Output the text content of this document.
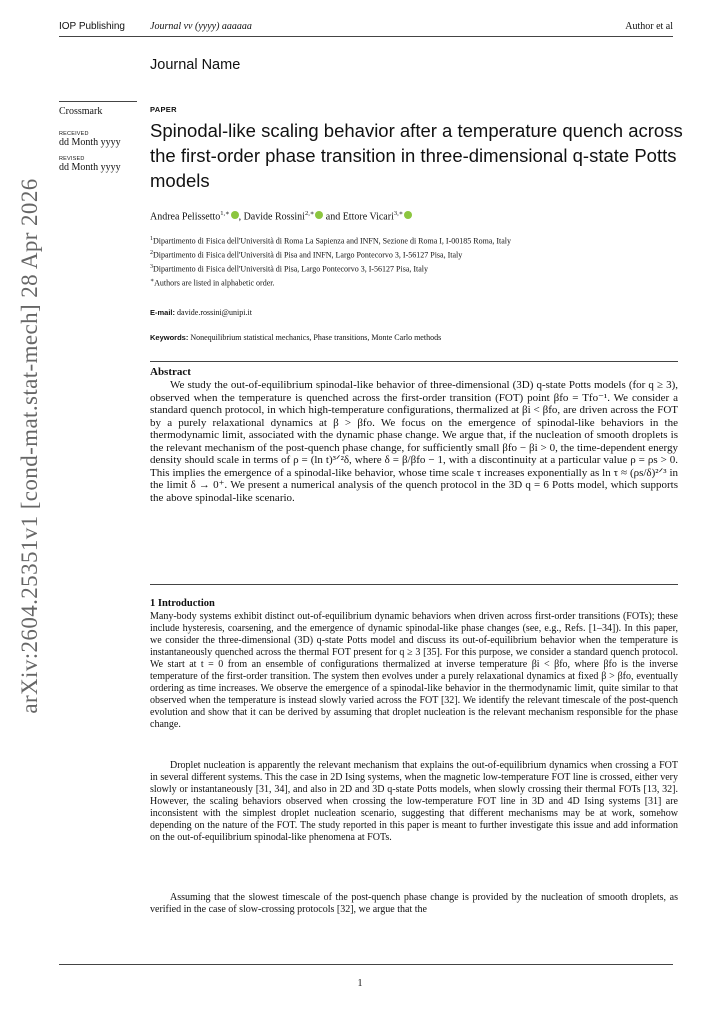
IOP Publishing	Journal vv (yyyy) aaaaaa	Author et al
Journal Name
Crossmark
RECEIVED
dd Month yyyy
REVISED
dd Month yyyy
arXiv:2604.25351v1 [cond-mat.stat-mech] 28 Apr 2026
PAPER
Spinodal-like scaling behavior after a temperature quench across the first-order phase transition in three-dimensional q-state Potts models
Andrea Pelissetto$^{1,∗}$ , Davide Rossini$^{2,∗}$ and Ettore Vicari$^{3,∗}$
$^1$Dipartimento di Fisica dell'Università di Roma La Sapienza and INFN, Sezione di Roma I, I-00185 Roma, Italy
$^2$Dipartimento di Fisica dell'Università di Pisa and INFN, Largo Pontecorvo 3, I-56127 Pisa, Italy
$^3$Dipartimento di Fisica dell'Università di Pisa, Largo Pontecorvo 3, I-56127 Pisa, Italy
∗Authors are listed in alphabetic order.
E-mail: davide.rossini@unipi.it
Keywords: Nonequilibrium statistical mechanics, Phase transitions, Monte Carlo methods
Abstract
We study the out-of-equilibrium spinodal-like behavior of three-dimensional (3D) q-state Potts models (for q ≥ 3), observed when the temperature is quenched across the first-order transition (FOT) point βfo = Tfo⁻¹. We consider a standard quench protocol, in which high-temperature configurations, thermalized at βi < βfo, are driven across the FOT by a purely relaxational dynamics at β > βfo. We focus on the emergence of spinodal-like behaviors in the thermodynamic limit, associated with the dynamic phase change. We argue that, if the nucleation of smooth droplets is the relevant mechanism of the post-quench phase change, for sufficiently small βfo − βi > 0, the time-dependent energy density should scale in terms of ρ = (ln t)³ᐟ²δ, where δ = β/βfo − 1, with a discontinuity at a particular value ρ = ρs > 0. This implies the emergence of a spinodal-like behavior, whose time scale τ increases exponentially as ln τ ≈ (ρs/δ)²ᐟ³ in the limit δ → 0⁺. We present a numerical analysis of the quench protocol in the 3D q = 6 Potts model, which supports the above spinodal-like scenario.
1 Introduction
Many-body systems exhibit distinct out-of-equilibrium dynamic behaviors when driven across first-order transitions (FOTs); these include hysteresis, coarsening, and the emergence of dynamic spinodal-like phase changes (see, e.g., Refs. [1–34]). In this paper, we consider the three-dimensional (3D) q-state Potts model and discuss its out-of-equilibrium behavior when the temperature is instantaneously quenched across the thermal FOT present for q ≥ 3 [35]. For this purpose, we consider a standard quench protocol. We start at t = 0 from an ensemble of configurations thermalized at inverse temperature βi < βfo, where βfo is the inverse temperature of the first-order transition. The system then evolves under a purely relaxational dynamics at fixed β > βfo, eventually ordering as time increases. We observe the emergence of a spinodal-like behavior in the thermodynamic limit, quite similar to that observed when the temperature is instead slowly varied across the FOT [32]. We identify the relevant timescale of the post-quench evolution and show that it can be derived by assuming that droplet nucleation is the relevant mechanism responsible for the phase change.
Droplet nucleation is apparently the relevant mechanism that explains the out-of-equilibrium dynamics when crossing a FOT in several different systems. This the case in 2D Ising systems, when the magnetic low-temperature FOT line is crossed, either very slowly or instantaneously [31, 34], and also in 2D and 3D q-state Potts models, when slowly crossing their thermal FOTs [13, 32]. However, the scaling behaviors observed when crossing the low-temperature FOT line in 3D and 4D Ising systems [31] are inconsistent with the simplest droplet nucleation scenario, suggesting that different mechanisms may be at work, somehow depending on the nature of the FOT. The study reported in this paper is meant to further investigate this issue and add information on the out-of-equilibrium spinodal-like phenomena at FOTs.
Assuming that the slowest timescale of the post-quench phase change is provided by the nucleation of smooth droplets, as verified in the case of slow-crossing protocols [32], we argue that the
1
